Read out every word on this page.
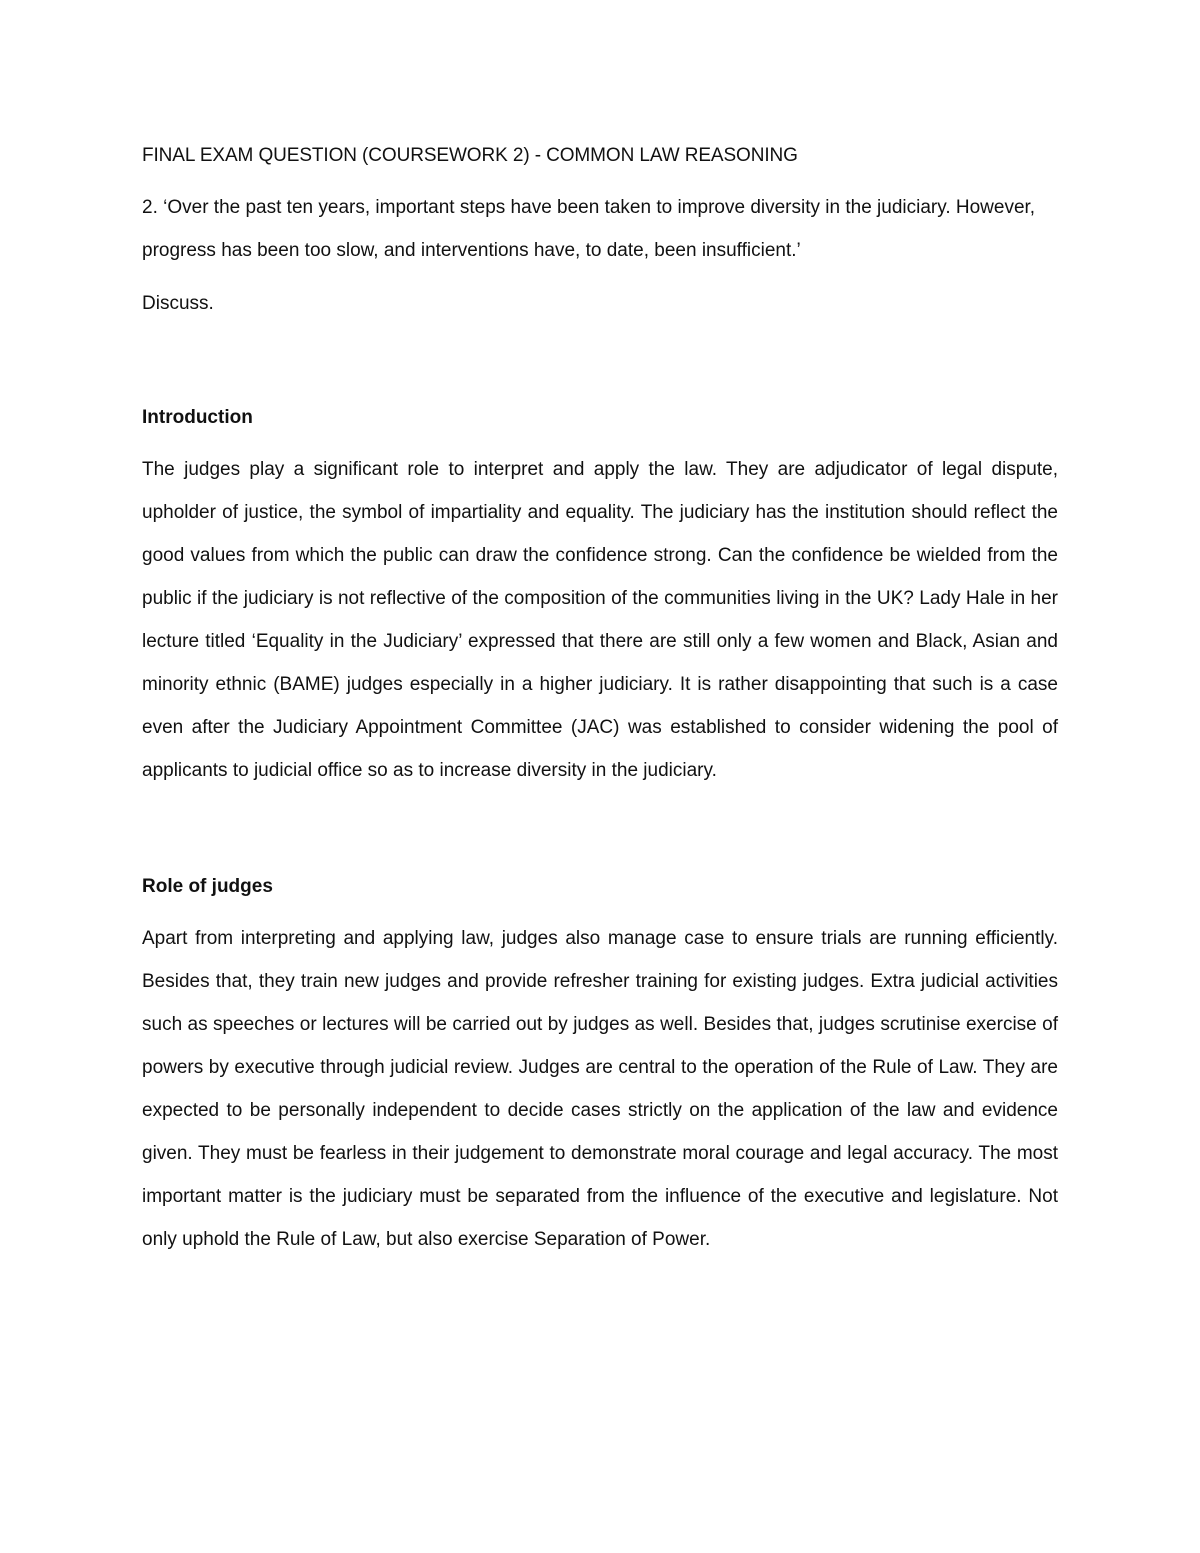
FINAL EXAM QUESTION (COURSEWORK 2) - COMMON LAW REASONING

2. ‘Over the past ten years, important steps have been taken to improve diversity in the judiciary. However, progress has been too slow, and interventions have, to date, been insufficient.’

Discuss.

Introduction

The judges play a significant role to interpret and apply the law. They are adjudicator of legal dispute, upholder of justice, the symbol of impartiality and equality. The judiciary has the institution should reflect the good values from which the public can draw the confidence strong. Can the confidence be wielded from the public if the judiciary is not reflective of the composition of the communities living in the UK? Lady Hale in her lecture titled ‘Equality in the Judiciary’ expressed that there are still only a few women and Black, Asian and minority ethnic (BAME) judges especially in a higher judiciary. It is rather disappointing that such is a case even after the Judiciary Appointment Committee (JAC) was established to consider widening the pool of applicants to judicial office so as to increase diversity in the judiciary.

Role of judges

Apart from interpreting and applying law, judges also manage case to ensure trials are running efficiently. Besides that, they train new judges and provide refresher training for existing judges. Extra judicial activities such as speeches or lectures will be carried out by judges as well. Besides that, judges scrutinise exercise of powers by executive through judicial review. Judges are central to the operation of the Rule of Law. They are expected to be personally independent to decide cases strictly on the application of the law and evidence given. They must be fearless in their judgement to demonstrate moral courage and legal accuracy. The most important matter is the judiciary must be separated from the influence of the executive and legislature. Not only uphold the Rule of Law, but also exercise Separation of Power.
